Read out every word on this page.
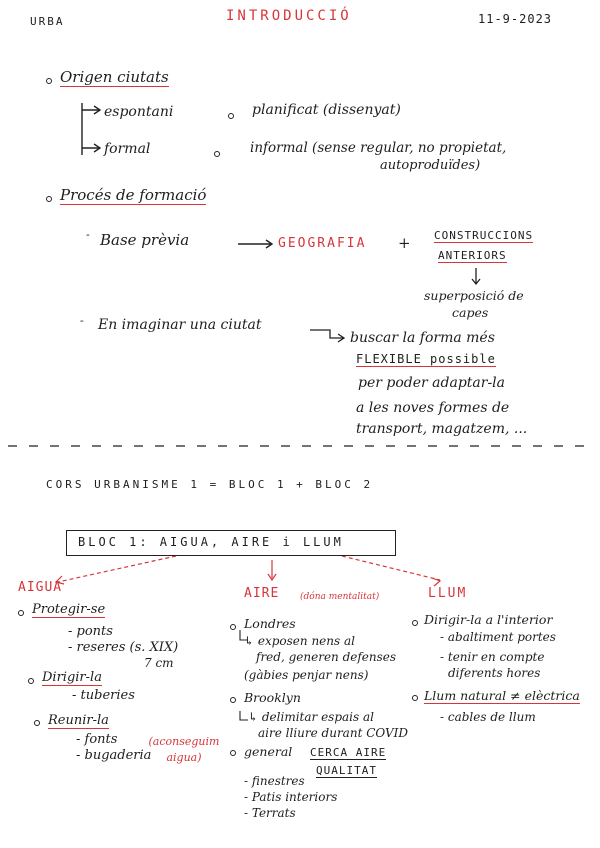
URBA	INTRODUCCIÓ	11-9-2023
Origen ciutats
espontani	planificat (dissenyat)
formal	informal (sense regular, no propietat,
autoproduïdes)
Procés de formació
- Base prèvia	GEOGRAFIA + CONSTRUCCIONS
ANTERIORS
superposició de
capes
- En imaginar una ciutat
buscar la forma més
FLEXIBLE possible
per poder adaptar-la
a les noves formes de
transport, magatzem, ...
CORS URBANISME 1 = BLOC 1 + BLOC 2
BLOC 1: AIGUA, AIRE i LLUM
AIGUA
Protegir-se
- ponts
- reseres (s. XIX)
7 cm
Dirigir-la
- tuberies
Reunir-la
- fonts
- bugaderia
(aconseguim aigua)
AIRE (dóna mentalitat)
Londres
↳ exposen nens al
fred, generen defenses
(gàbies penjar nens)
Brooklyn
↳ delimitar espais al
aire lliure durant COVID
general CERCA AIRE
QUALITAT
- finestres
- Patis interiors
- Terrats
LLUM
Dirigir-la a l'interior
- abaltiment portes
- tenir en compte
diferents hores
Llum natural ≠ elèctrica
- cables de llum
